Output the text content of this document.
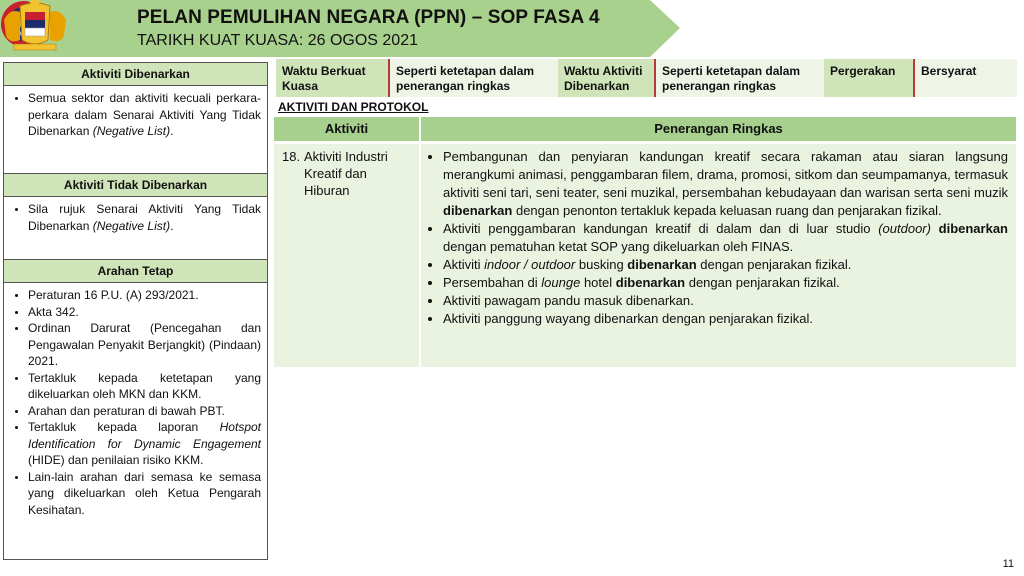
PELAN PEMULIHAN NEGARA (PPN) – SOP FASA 4
TARIKH KUAT KUASA: 26 OGOS 2021
Aktiviti Dibenarkan
• Semua sektor dan aktiviti kecuali perkara-perkara dalam Senarai Aktiviti Yang Tidak Dibenarkan (Negative List).
Aktiviti Tidak Dibenarkan
• Sila rujuk Senarai Aktiviti Yang Tidak Dibenarkan (Negative List).
Arahan Tetap
• Peraturan 16 P.U. (A) 293/2021.
• Akta 342.
• Ordinan Darurat (Pencegahan dan Pengawalan Penyakit Berjangkit) (Pindaan) 2021.
• Tertakluk kepada ketetapan yang dikeluarkan oleh MKN dan KKM.
• Arahan dan peraturan di bawah PBT.
• Tertakluk kepada laporan Hotspot Identification for Dynamic Engagement (HIDE) dan penilaian risiko KKM.
• Lain-lain arahan dari semasa ke semasa yang dikeluarkan oleh Ketua Pengarah Kesihatan.
Waktu Berkuat Kuasa
Seperti ketetapan dalam penerangan ringkas
Waktu Aktiviti Dibenarkan
Seperti ketetapan dalam penerangan ringkas
Pergerakan	Bersyarat
AKTIVITI DAN PROTOKOL
Aktiviti	Penerangan Ringkas
18. Aktiviti Industri Kreatif dan Hiburan
• Pembangunan dan penyiaran kandungan kreatif secara rakaman atau siaran langsung merangkumi animasi, penggambaran filem, drama, promosi, sitkom dan seumpamanya, termasuk aktiviti seni tari, seni teater, seni muzikal, persembahan kebudayaan dan warisan serta seni muzik dibenarkan dengan penonton tertakluk kepada keluasan ruang dan penjarakan fizikal.
• Aktiviti penggambaran kandungan kreatif di dalam dan di luar studio (outdoor) dibenarkan dengan pematuhan ketat SOP yang dikeluarkan oleh FINAS.
• Aktiviti indoor / outdoor busking dibenarkan dengan penjarakan fizikal.
• Persembahan di lounge hotel dibenarkan dengan penjarakan fizikal.
• Aktiviti pawagam pandu masuk dibenarkan.
• Aktiviti panggung wayang dibenarkan dengan penjarakan fizikal.
11
